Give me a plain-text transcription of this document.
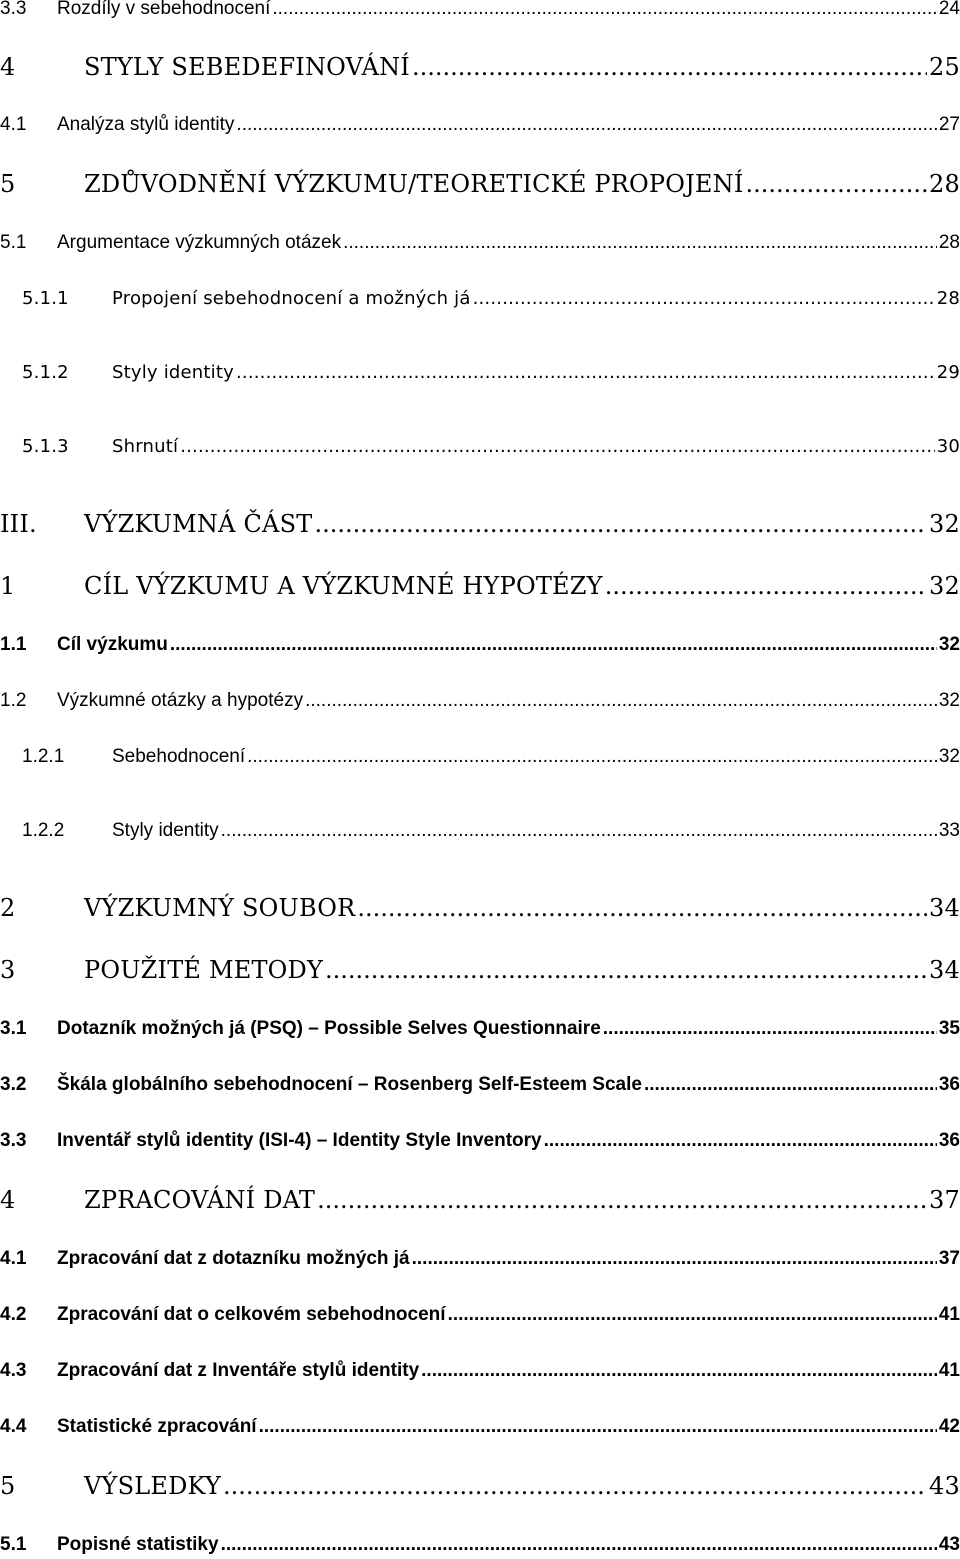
3.3	Rozdíly v sebehodnocení .....	24
4	STYLY SEBEDEFINOVÁNÍ .....	25
4.1	Analýza stylů identity .....	27
5	ZDŮVODNĚNÍ VÝZKUMU/TEORETICKÉ PROPOJENÍ .....	28
5.1	Argumentace výzkumných otázek .....	28
5.1.1	Propojení sebehodnocení a možných já .....	28
5.1.2	Styly identity .....	29
5.1.3	Shrnutí .....	30
III.	VÝZKUMNÁ ČÁST .....	32
1	CÍL VÝZKUMU A VÝZKUMNÉ HYPOTÉZY .....	32
1.1	Cíl výzkumu .....	32
1.2	Výzkumné otázky a hypotézy .....	32
1.2.1	Sebehodnocení .....	32
1.2.2	Styly identity .....	33
2	VÝZKUMNÝ SOUBOR .....	34
3	POUŽITÉ METODY .....	34
3.1	Dotazník možných já (PSQ) – Possible Selves Questionnaire .....	35
3.2	Škála globálního sebehodnocení – Rosenberg Self-Esteem Scale .....	36
3.3	Inventář stylů identity (ISI-4) – Identity Style Inventory .....	36
4	ZPRACOVÁNÍ DAT .....	37
4.1	Zpracování dat z dotazníku možných já .....	37
4.2	Zpracování dat o celkovém sebehodnocení .....	41
4.3	Zpracování dat z Inventáře stylů identity .....	41
4.4	Statistické zpracování .....	42
5	VÝSLEDKY .....	43
5.1	Popisné statistiky .....	43
